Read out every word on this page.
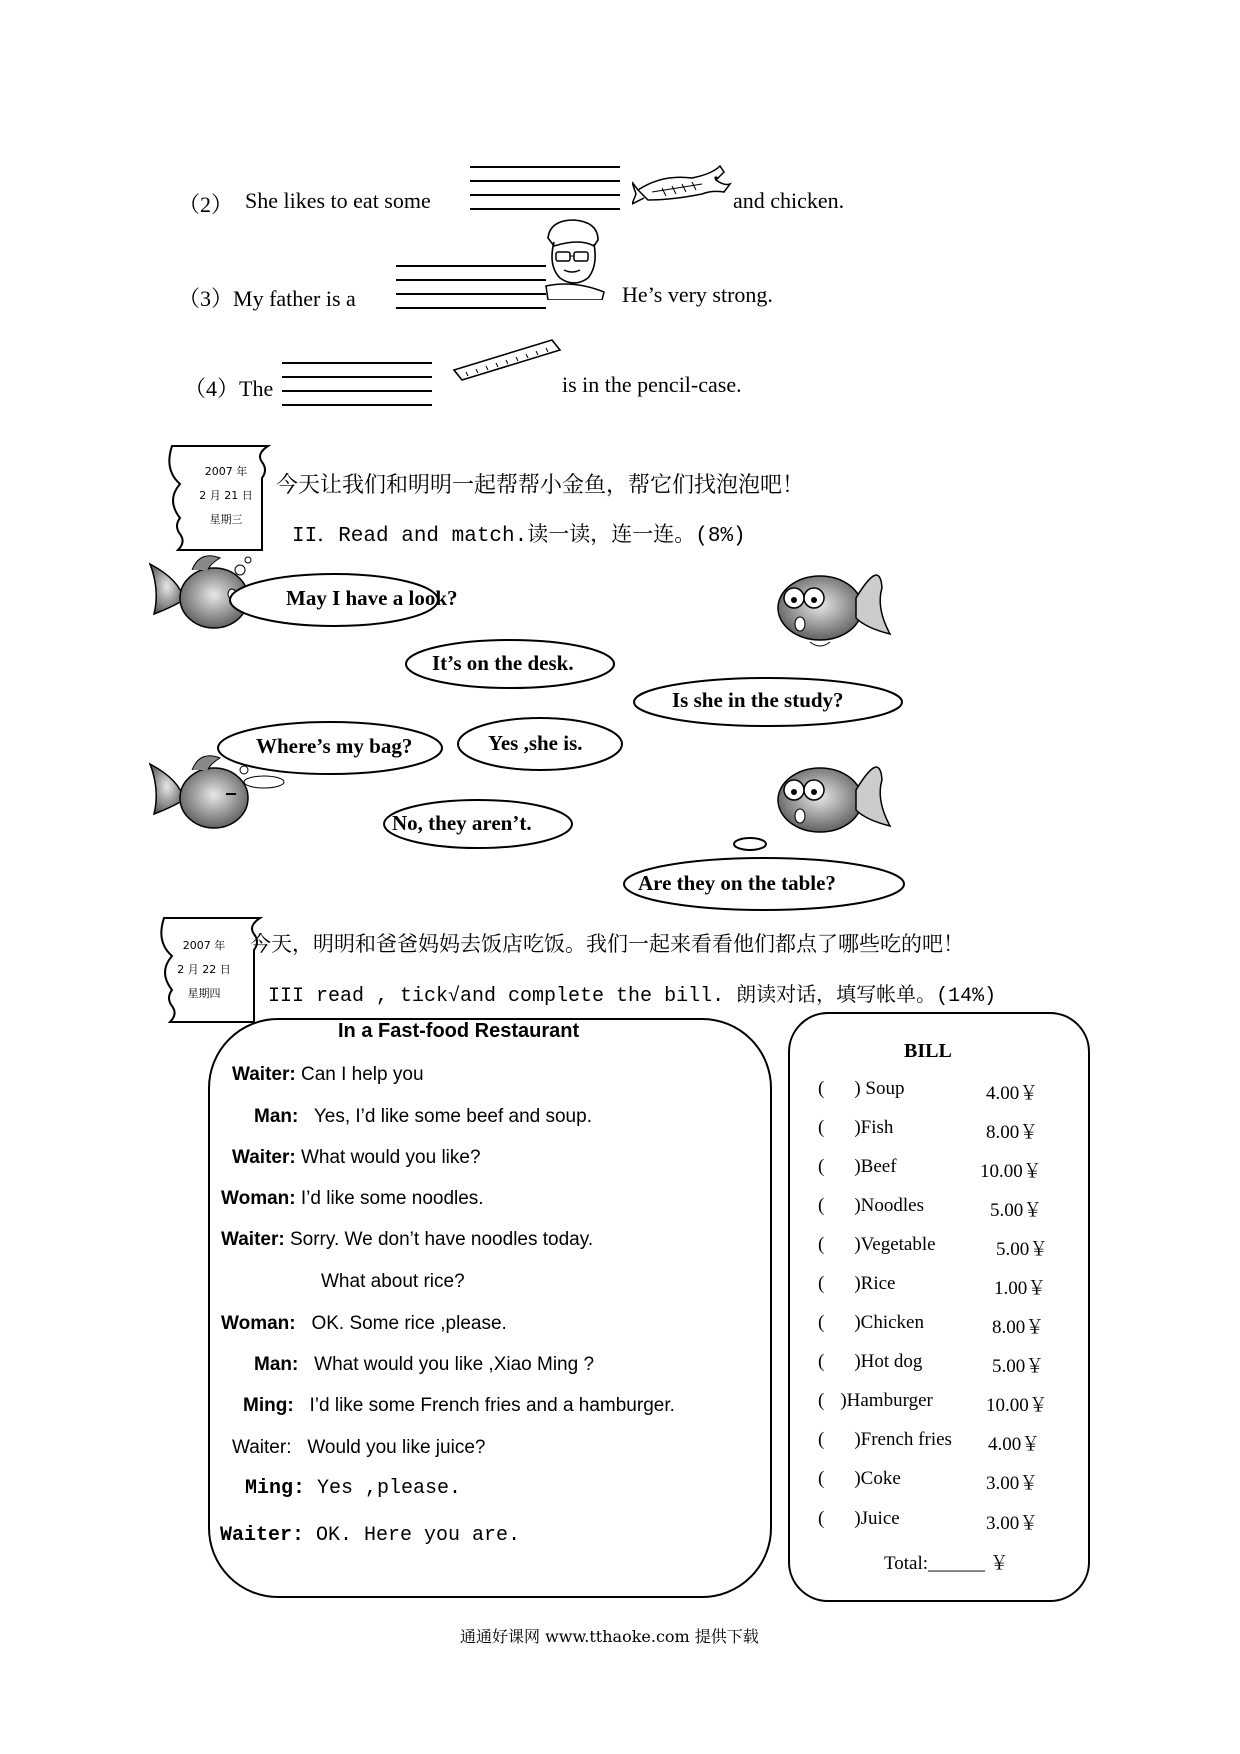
（2） She likes to eat some	and chicken.
（3）My father is a	He’s very strong.
（4）The	is in the pencil-case.
2007 年
2 月 21 日
星期三
今天让我们和明明一起帮帮小金鱼，帮它们找泡泡吧！
II．Read and match.读一读，连一连。(8%)
May I have a look?
It’s on the desk.
Is she in the study?
Where’s my bag?	Yes ,she is.
No, they aren’t.
Are they on the table?
2007 年
2 月 22 日
星期四
今天，明明和爸爸妈妈去饭店吃饭。我们一起来看看他们都点了哪些吃的吧！
III read , tick√and complete the bill. 朗读对话，填写帐单。(14%)
In a Fast-food Restaurant
Waiter: Can I help you
Man: Yes, I’d like some beef and soup.
Waiter: What would you like?
Woman: I’d like some noodles.
Waiter: Sorry. We don’t have noodles today.
What about rice?
Woman: OK. Some rice ,please.
Man: What would you like ,Xiao Ming ?
Ming: I’d like some French fries and a hamburger.
Waiter: Would you like juice?
Ming: Yes ,please.
Waiter: OK. Here you are.
BILL
( ) Soup	4.00￥
( )Fish	8.00￥
( )Beef	10.00￥
( )Noodles	5.00￥
( )Vegetable	5.00￥
( )Rice	1.00￥
( )Chicken	8.00￥
( )Hot dog	5.00￥
( )Hamburger	10.00￥
( )French fries 4.00￥
( )Coke	3.00￥
( )Juice	3.00￥
Total:______ ￥
通通好课网 www.tthaoke.com 提供下载
